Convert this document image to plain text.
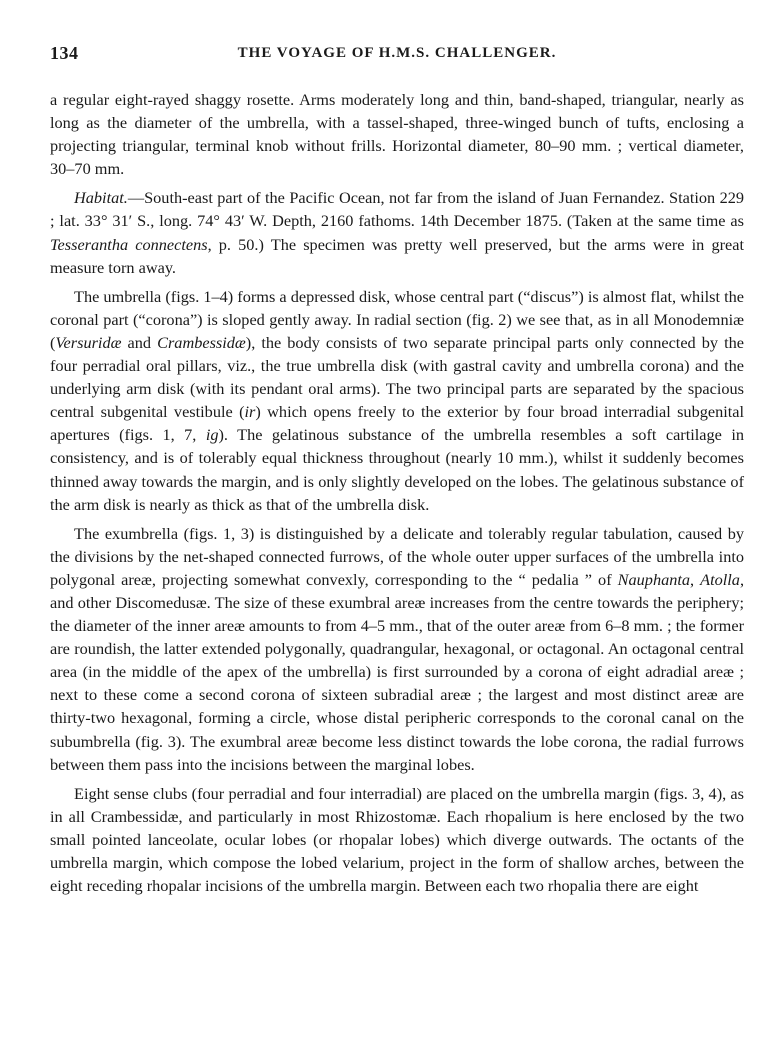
134	THE VOYAGE OF H.M.S. CHALLENGER.

a regular eight-rayed shaggy rosette. Arms moderately long and thin, band-shaped, triangular, nearly as long as the diameter of the umbrella, with a tassel-shaped, three-winged bunch of tufts, enclosing a projecting triangular, terminal knob without frills. Horizontal diameter, 80–90 mm. ; vertical diameter, 30–70 mm.

Habitat.—South-east part of the Pacific Ocean, not far from the island of Juan Fernandez. Station 229 ; lat. 33° 31′ S., long. 74° 43′ W. Depth, 2160 fathoms. 14th December 1875. (Taken at the same time as Tesserantha connectens, p. 50.) The specimen was pretty well preserved, but the arms were in great measure torn away.

The umbrella (figs. 1–4) forms a depressed disk, whose central part (“discus”) is almost flat, whilst the coronal part (“corona”) is sloped gently away. In radial section (fig. 2) we see that, as in all Monodemniæ (Versuridæ and Crambessidæ), the body consists of two separate principal parts only connected by the four perradial oral pillars, viz., the true umbrella disk (with gastral cavity and umbrella corona) and the underlying arm disk (with its pendant oral arms). The two principal parts are separated by the spacious central subgenital vestibule (ir) which opens freely to the exterior by four broad interradial subgenital apertures (figs. 1, 7, ig). The gelatinous substance of the umbrella resembles a soft cartilage in consistency, and is of tolerably equal thickness throughout (nearly 10 mm.), whilst it suddenly becomes thinned away towards the margin, and is only slightly developed on the lobes. The gelatinous substance of the arm disk is nearly as thick as that of the umbrella disk.

The exumbrella (figs. 1, 3) is distinguished by a delicate and tolerably regular tabulation, caused by the divisions by the net-shaped connected furrows, of the whole outer upper surfaces of the umbrella into polygonal areæ, projecting somewhat convexly, corresponding to the “ pedalia ” of Nauphanta, Atolla, and other Discomedusæ. The size of these exumbral areæ increases from the centre towards the periphery; the diameter of the inner areæ amounts to from 4–5 mm., that of the outer areæ from 6–8 mm. ; the former are roundish, the latter extended polygonally, quadrangular, hexagonal, or octagonal. An octagonal central area (in the middle of the apex of the umbrella) is first surrounded by a corona of eight adradial areæ ; next to these come a second corona of sixteen subradial areæ ; the largest and most distinct areæ are thirty-two hexagonal, forming a circle, whose distal peripheric corresponds to the coronal canal on the subumbrella (fig. 3). The exumbral areæ become less distinct towards the lobe corona, the radial furrows between them pass into the incisions between the marginal lobes.

Eight sense clubs (four perradial and four interradial) are placed on the umbrella margin (figs. 3, 4), as in all Crambessidæ, and particularly in most Rhizostomæ. Each rhopalium is here enclosed by the two small pointed lanceolate, ocular lobes (or rhopalar lobes) which diverge outwards. The octants of the umbrella margin, which compose the lobed velarium, project in the form of shallow arches, between the eight receding rhopalar incisions of the umbrella margin. Between each two rhopalia there are eight
